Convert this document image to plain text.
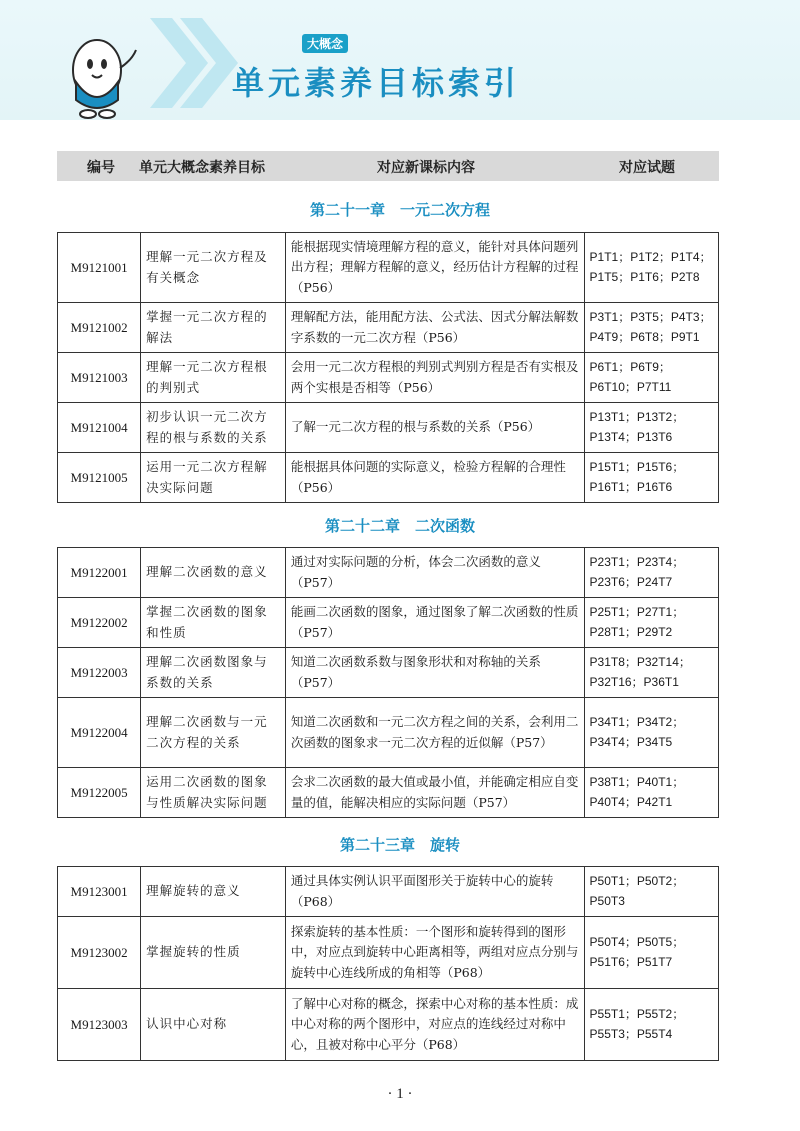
大概念
单元素养目标索引
编号 单元大概念素养目标	对应新课标内容	对应试题
第二十一章　一元二次方程
M9121001	理解一元二次方程及有关概念	能根据现实情境理解方程的意义，能针对具体问题列出方程；理解方程解的意义，经历估计方程解的过程（P56）	P1T1；P1T2；P1T4；P1T5；P1T6；P2T8
M9121002	掌握一元二次方程的解法	理解配方法，能用配方法、公式法、因式分解法解数字系数的一元二次方程（P56）	P3T1；P3T5；P4T3；P4T9；P6T8；P9T1
M9121003	理解一元二次方程根的判别式	会用一元二次方程根的判别式判别方程是否有实根及两个实根是否相等（P56）	P6T1；P6T9；P6T10；P7T11
M9121004	初步认识一元二次方程的根与系数的关系	了解一元二次方程的根与系数的关系（P56）	P13T1；P13T2；P13T4；P13T6
M9121005	运用一元二次方程解决实际问题	能根据具体问题的实际意义，检验方程解的合理性（P56）	P15T1；P15T6；P16T1；P16T6
第二十二章　二次函数
M9122001	理解二次函数的意义	通过对实际问题的分析，体会二次函数的意义（P57）	P23T1；P23T4；P23T6；P24T7
M9122002	掌握二次函数的图象和性质	能画二次函数的图象，通过图象了解二次函数的性质（P57）	P25T1；P27T1；P28T1；P29T2
M9122003	理解二次函数图象与系数的关系	知道二次函数系数与图象形状和对称轴的关系（P57）	P31T8；P32T14；P32T16；P36T1
M9122004	理解二次函数与一元二次方程的关系	知道二次函数和一元二次方程之间的关系，会利用二次函数的图象求一元二次方程的近似解（P57）	P34T1；P34T2；P34T4；P34T5
M9122005	运用二次函数的图象与性质解决实际问题	会求二次函数的最大值或最小值，并能确定相应自变量的值，能解决相应的实际问题（P57）	P38T1；P40T1；P40T4；P42T1
第二十三章　旋转
M9123001	理解旋转的意义	通过具体实例认识平面图形关于旋转中心的旋转（P68）	P50T1；P50T2；P50T3
M9123002	掌握旋转的性质	探索旋转的基本性质：一个图形和旋转得到的图形中，对应点到旋转中心距离相等，两组对应点分别与旋转中心连线所成的角相等（P68）	P50T4；P50T5；P51T6；P51T7
M9123003	认识中心对称	了解中心对称的概念，探索中心对称的基本性质：成中心对称的两个图形中，对应点的连线经过对称中心，且被对称中心平分（P68）	P55T1；P55T2；P55T3；P55T4
· 1 ·
